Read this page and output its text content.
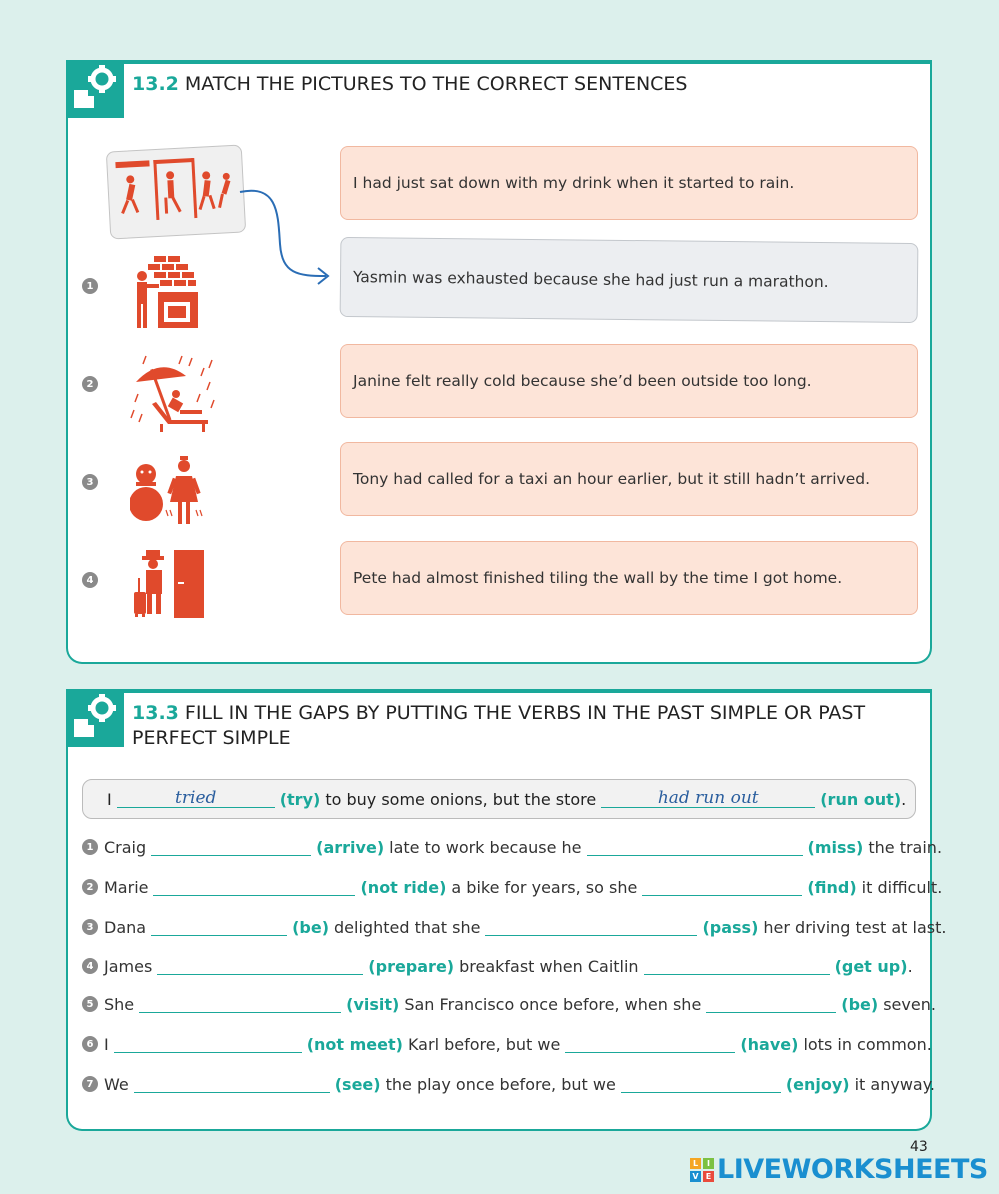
13.2 MATCH THE PICTURES TO THE CORRECT SENTENCES
I had just sat down with my drink when it started to rain.
Yasmin was exhausted because she had just run a marathon.
Janine felt really cold because she’d been outside too long.
Tony had called for a taxi an hour earlier, but it still hadn’t arrived.
Pete had almost finished tiling the wall by the time I got home.
1
2
3
4
13.3 FILL IN THE GAPS BY PUTTING THE VERBS IN THE PAST SIMPLE OR PAST PERFECT SIMPLE
I	tried	(try) to buy some onions, but the store	had run out	(run out) .
1 Craig	(arrive) late to work because he	(miss) the train.
2 Marie	(not ride) a bike for years, so she	(find) it difficult.
3 Dana	(be) delighted that she	(pass) her driving test at last.
4 James	(prepare) breakfast when Caitlin	(get up) .
5 She	(visit) San Francisco once before, when she	(be) seven.
6 I	(not meet) Karl before, but we	(have) lots in common.
7 We	(see) the play once before, but we	(enjoy) it anyway.
43
L	I
V E LIVEWORKSHEETS
